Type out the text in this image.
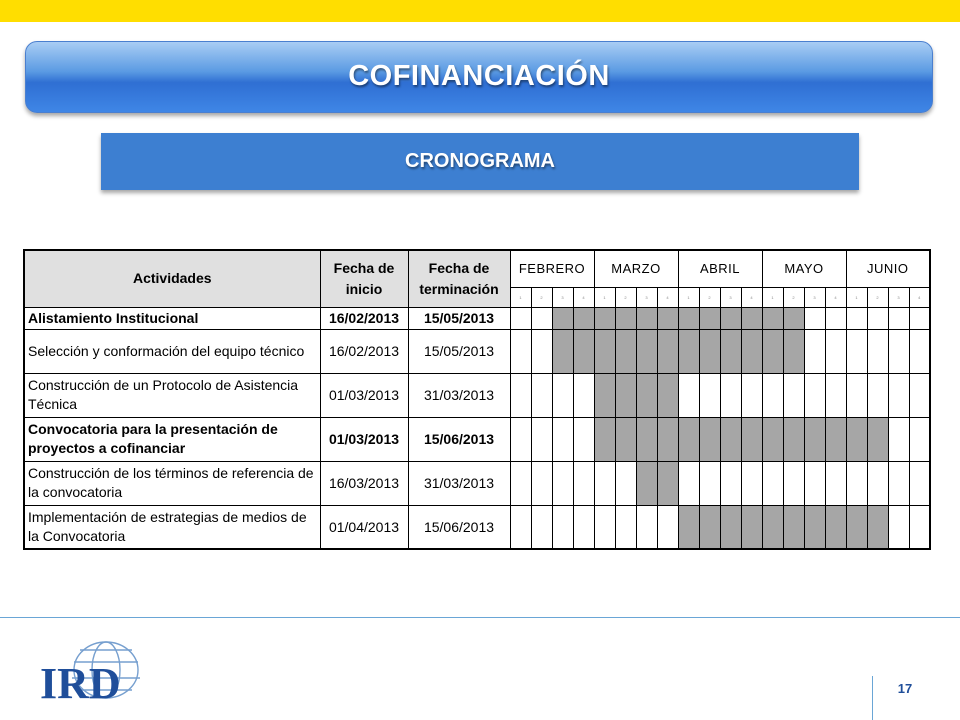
COFINANCIACIÓN
CRONOGRAMA
Actividades	Fecha de inicio	Fecha de terminación	FEBRERO				MARZO				ABRIL				MAYO				JUNIO			
			1	2	3	4	1	2	3	4	1	2	3	4	1	2	3	4	1	2	3	4
Alistamiento Institucional	16/02/2013	15/05/2013																				
Selección y conformación del equipo técnico	16/02/2013	15/05/2013																				
Construcción de un Protocolo de Asistencia Técnica	01/03/2013	31/03/2013																				
Convocatoria para la presentación de proyectos a cofinanciar	01/03/2013	15/06/2013																				
Construcción de los términos de referencia de la convocatoria	16/03/2013	31/03/2013																				
Implementación de estrategias de medios de la Convocatoria	01/04/2013	15/06/2013																				
IRD	17
